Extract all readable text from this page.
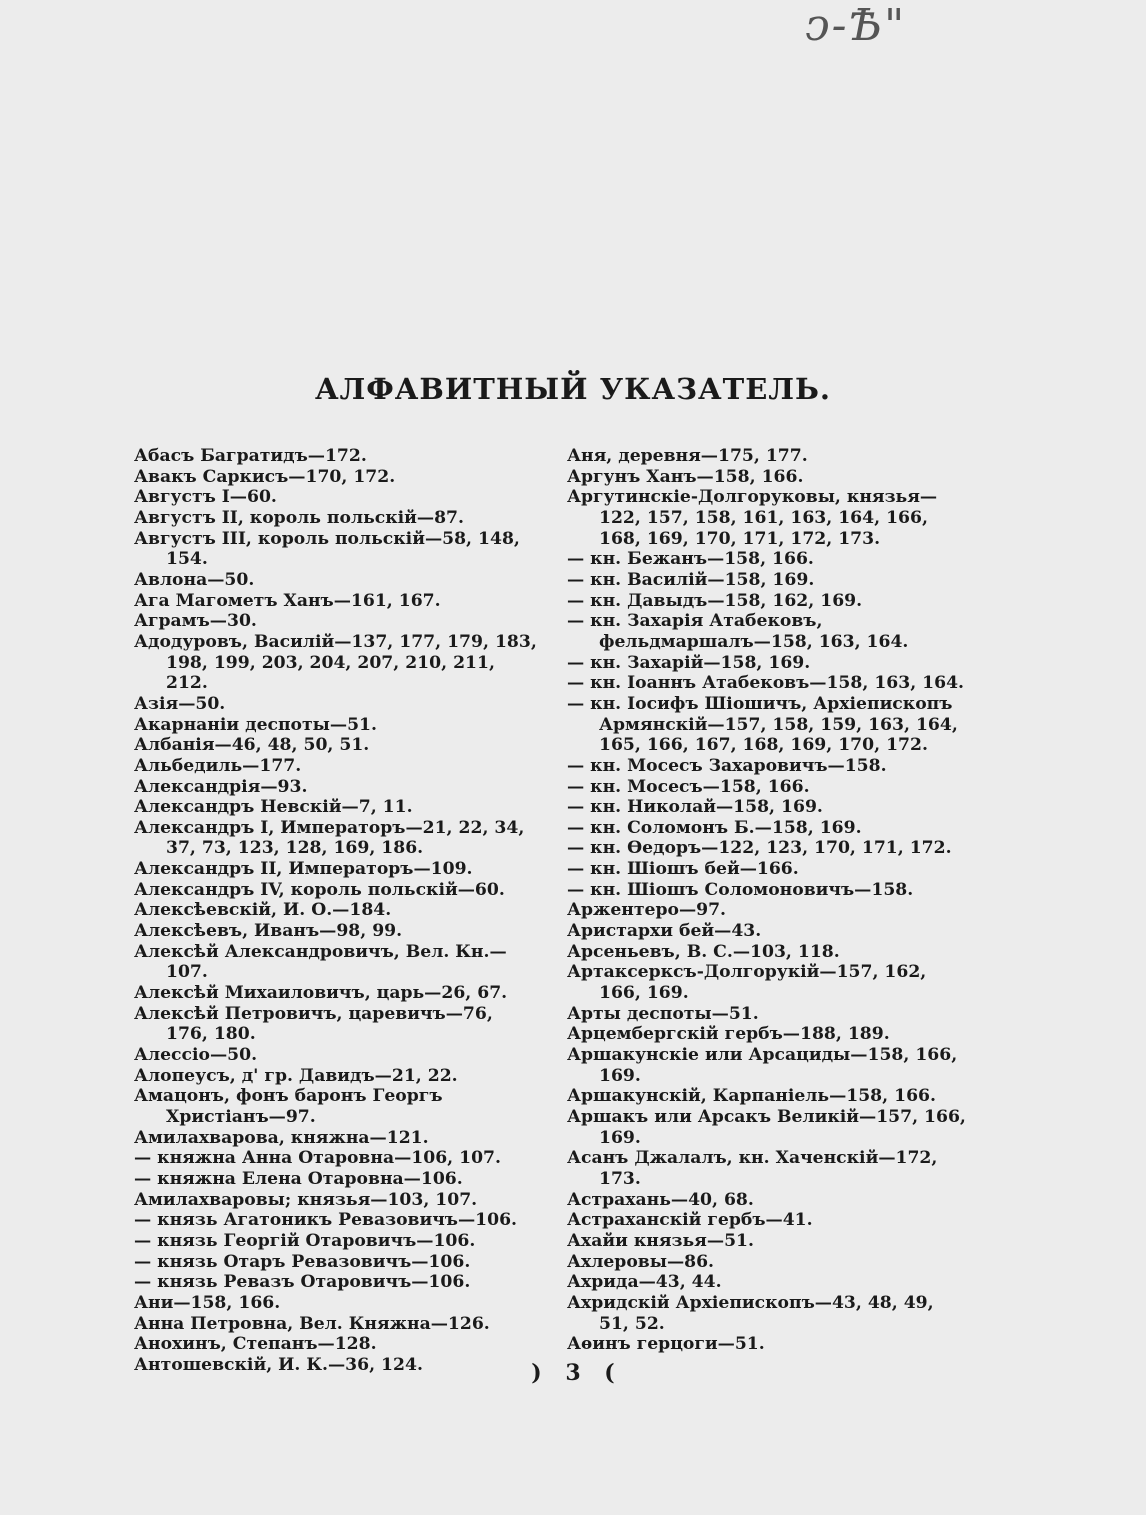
ↄ-Ѣ"
АЛФАВИТНЫЙ УКАЗАТЕЛЬ.
Абасъ Багратидъ—172.
Авакъ Саркисъ—170, 172.
Августъ I—60.
Августъ II, король польскій—87.
Августъ III, король польскій—58, 148, 154.
Авлона—50.
Ага Магометъ Ханъ—161, 167.
Аграмъ—30.
Адодуровъ, Василій—137, 177, 179, 183, 198, 199, 203, 204, 207, 210, 211, 212.
Азія—50.
Акарнаніи деспоты—51.
Албанія—46, 48, 50, 51.
Альбедиль—177.
Александрія—93.
Александръ Невскій—7, 11.
Александръ I, Императоръ—21, 22, 34, 37, 73, 123, 128, 169, 186.
Александръ II, Императоръ—109.
Александръ IV, король польскій—60.
Алексѣевскій, И. О.—184.
Алексѣевъ, Иванъ—98, 99.
Алексѣй Александровичъ, Вел. Кн.—107.
Алексѣй Михаиловичъ, царь—26, 67.
Алексѣй Петровичъ, царевичъ—76, 176, 180.
Алессіо—50.
Алопеусъ, д' гр. Давидъ—21, 22.
Амацонъ, фонъ баронъ Георгъ Христіанъ—97.
Амилахварова, княжна—121.
— княжна Анна Отаровна—106, 107.
— княжна Елена Отаровна—106.
Амилахваровы; князья—103, 107.
— князь Агатоникъ Ревазовичъ—106.
— князь Георгій Отаровичъ—106.
— князь Отаръ Ревазовичъ—106.
— князь Ревазъ Отаровичъ—106.
Ани—158, 166.
Анна Петровна, Вел. Княжна—126.
Анохинъ, Степанъ—128.
Антошевскій, И. К.—36, 124.
Аня, деревня—175, 177.
Аргунъ Ханъ—158, 166.
Аргутинскіе-Долгоруковы, князья—122, 157, 158, 161, 163, 164, 166, 168, 169, 170, 171, 172, 173.
— кн. Бежанъ—158, 166.
— кн. Василій—158, 169.
— кн. Давыдъ—158, 162, 169.
— кн. Захарія Атабековъ, фельдмаршалъ—158, 163, 164.
— кн. Захарій—158, 169.
— кн. Іоаннъ Атабековъ—158, 163, 164.
— кн. Іосифъ Шіошичъ, Архіепископъ Армянскій—157, 158, 159, 163, 164, 165, 166, 167, 168, 169, 170, 172.
— кн. Мосесъ Захаровичъ—158.
— кн. Мосесъ—158, 166.
— кн. Николай—158, 169.
— кн. Соломонъ Б.—158, 169.
— кн. Ѳедоръ—122, 123, 170, 171, 172.
— кн. Шіошъ бей—166.
— кн. Шіошъ Соломоновичъ—158.
Аржентеро—97.
Аристархи бей—43.
Арсеньевъ, В. С.—103, 118.
Артаксерксъ-Долгорукій—157, 162, 166, 169.
Арты деспоты—51.
Арцембергскій гербъ—188, 189.
Аршакунскіе или Арсациды—158, 166, 169.
Аршакунскій, Карпаніель—158, 166.
Аршакъ или Арсакъ Великій—157, 166, 169.
Асанъ Джалалъ, кн. Хаченскій—172, 173.
Астрахань—40, 68.
Астраханскій гербъ—41.
Ахайи князья—51.
Ахлеровы—86.
Ахрида—43, 44.
Ахридскій Архіепископъ—43, 48, 49, 51, 52.
Аѳинъ герцоги—51.
) 3 (
